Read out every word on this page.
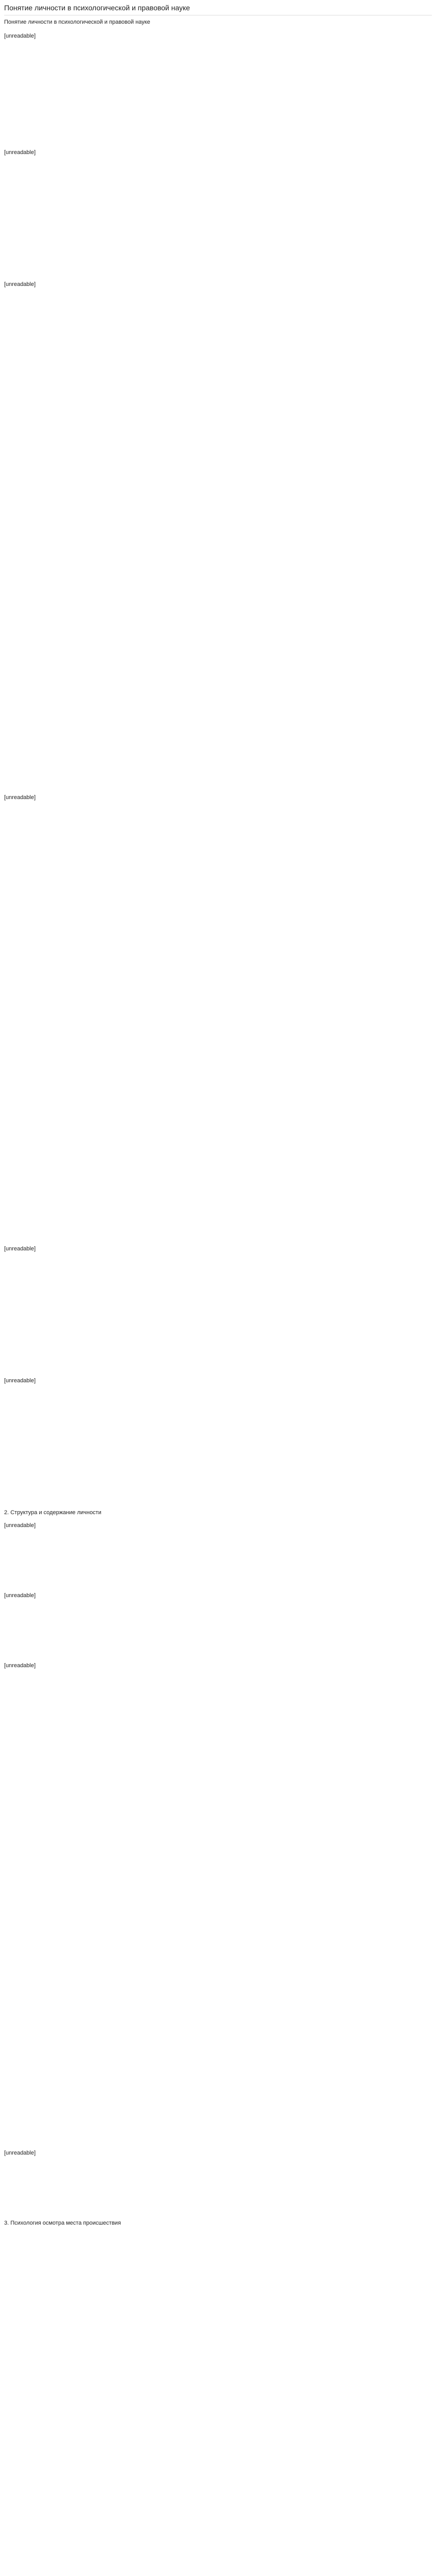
Понятие личности в психологической и правовой науке
Понятие личности в психологической и правовой науке

[unreadable]

[unreadable]

[unreadable]

[unreadable]

[unreadable]

[unreadable]

2. Структура и содержание личности

[unreadable]

[unreadable]

[unreadable]

[unreadable]

3. Психология осмотра места происшествия
